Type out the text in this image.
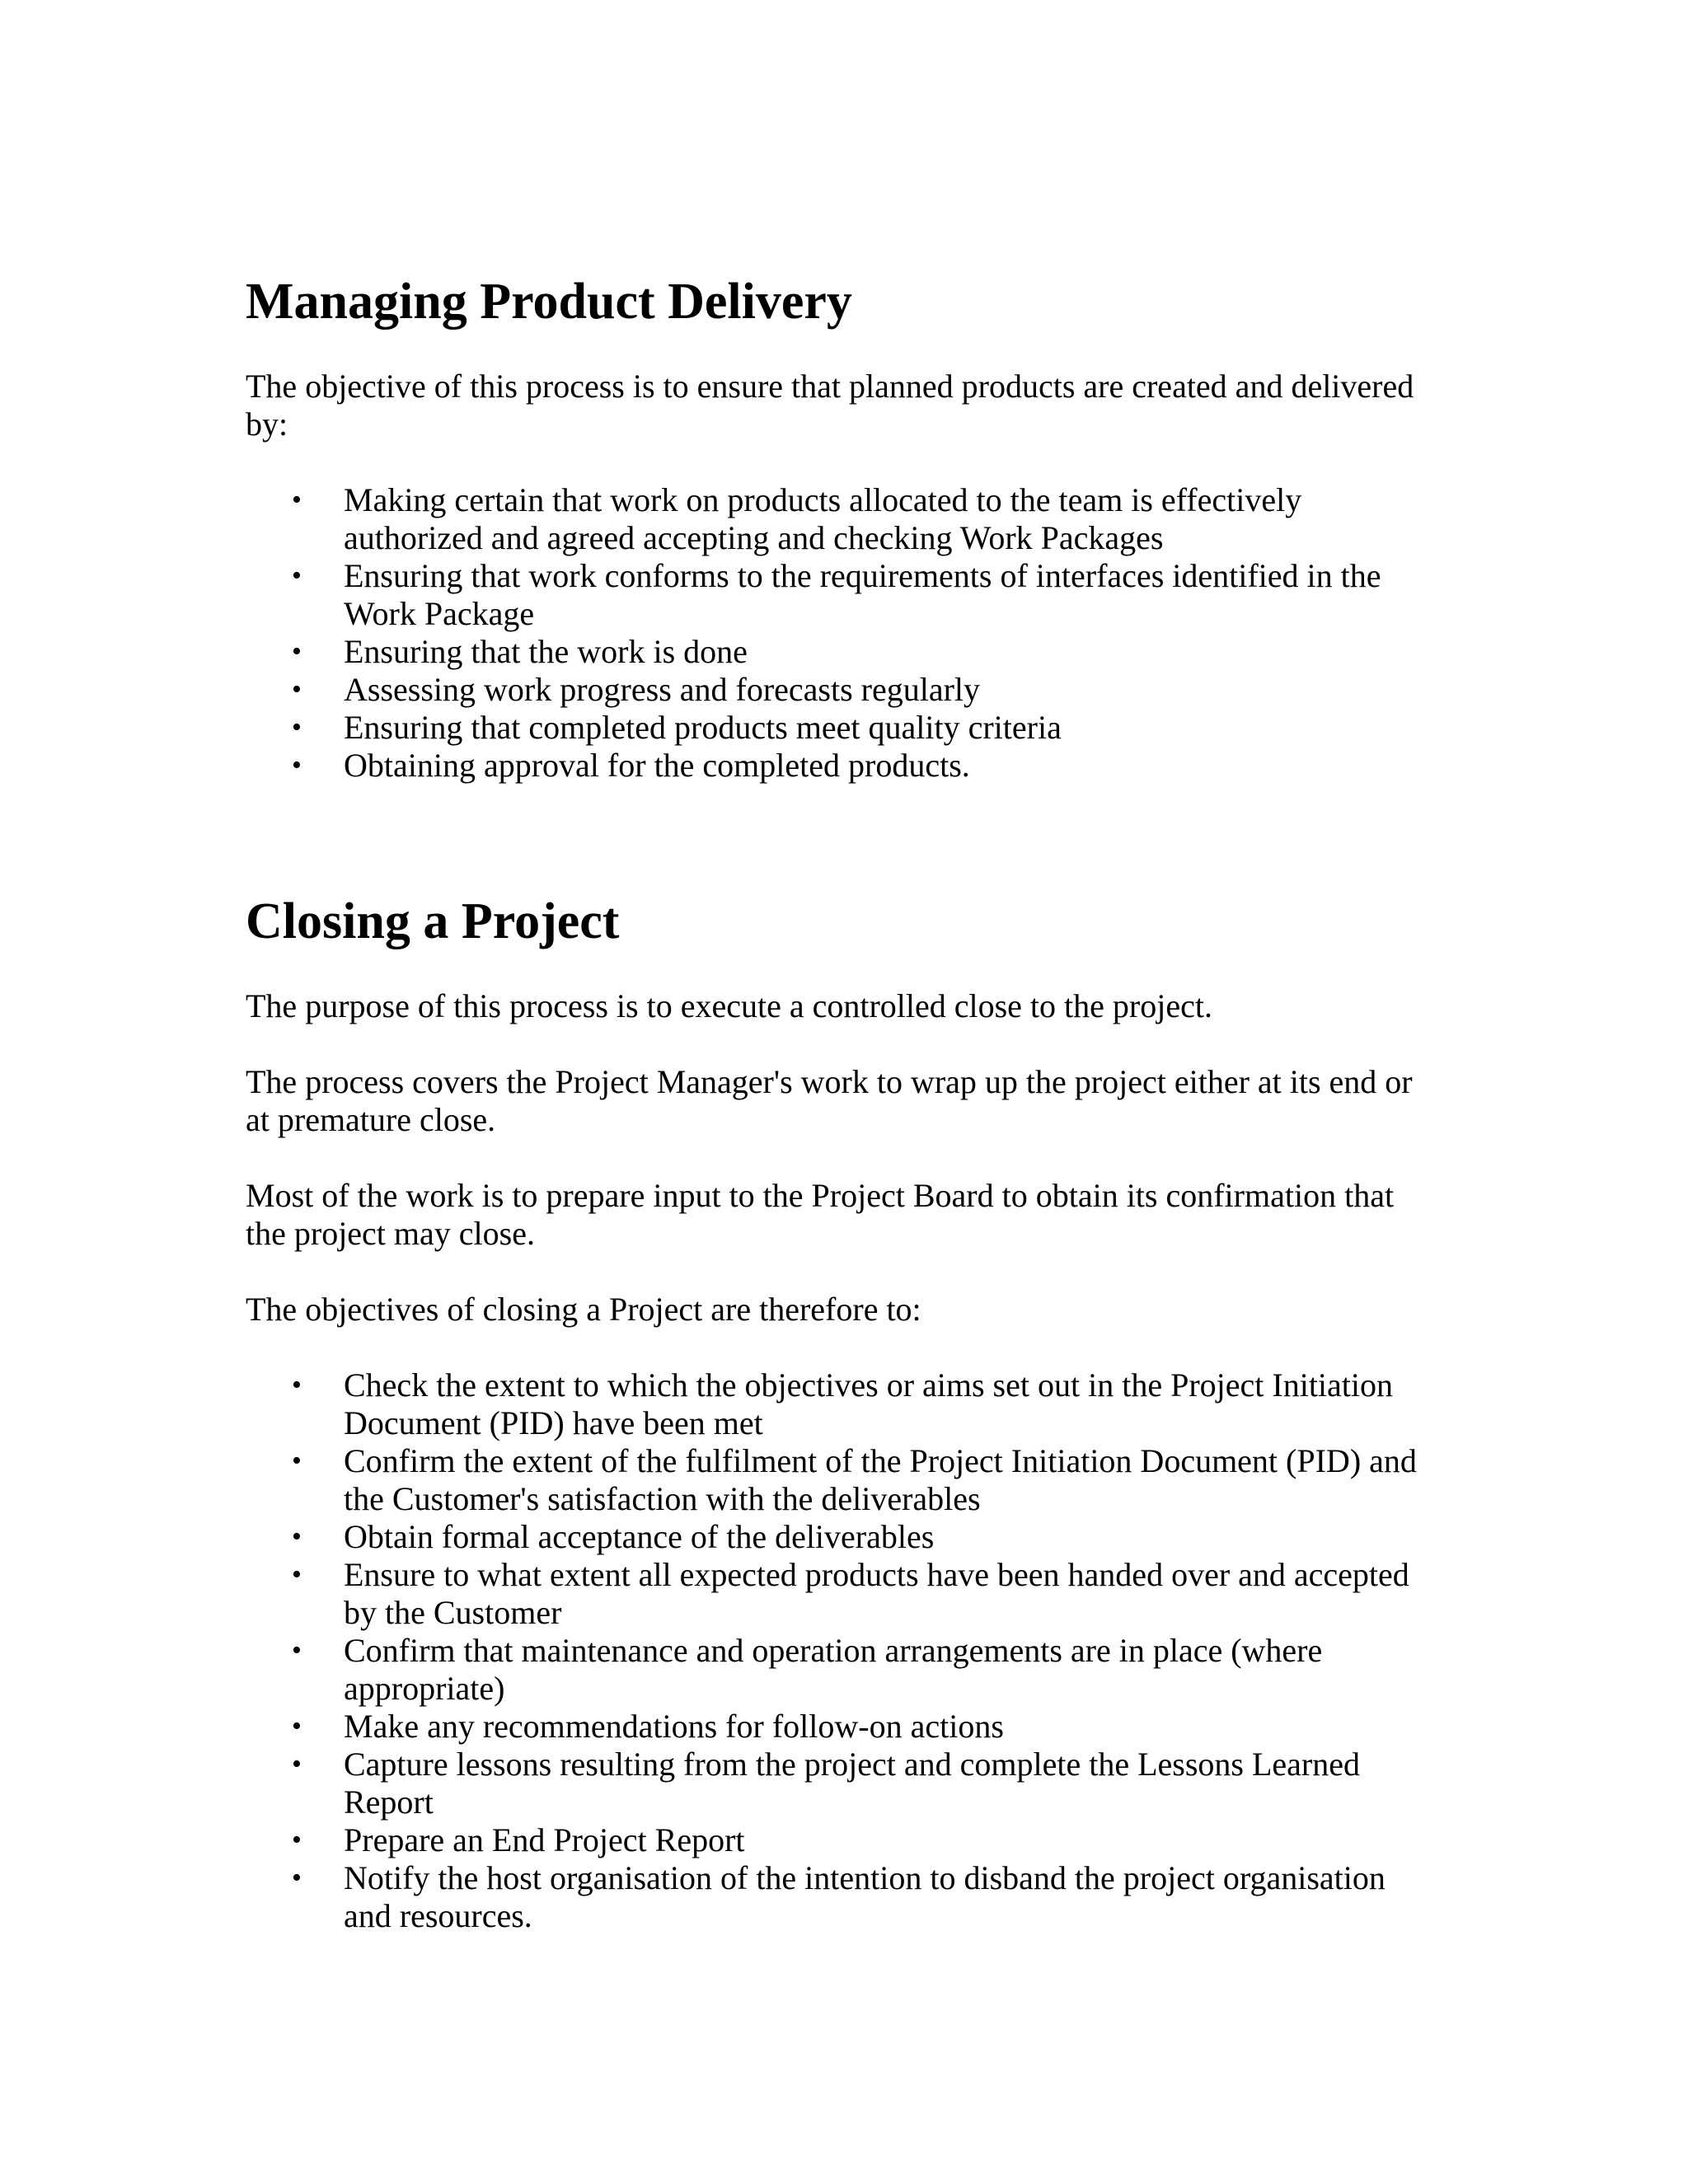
Managing Product Delivery

The objective of this process is to ensure that planned products are created and delivered by:

• Making certain that work on products allocated to the team is effectively authorized and agreed accepting and checking Work Packages
• Ensuring that work conforms to the requirements of interfaces identified in the Work Package
• Ensuring that the work is done
• Assessing work progress and forecasts regularly
• Ensuring that completed products meet quality criteria
• Obtaining approval for the completed products.
Closing a Project

The purpose of this process is to execute a controlled close to the project.

The process covers the Project Manager's work to wrap up the project either at its end or at premature close.

Most of the work is to prepare input to the Project Board to obtain its confirmation that the project may close.

The objectives of closing a Project are therefore to:

• Check the extent to which the objectives or aims set out in the Project Initiation Document (PID) have been met
• Confirm the extent of the fulfilment of the Project Initiation Document (PID) and the Customer's satisfaction with the deliverables
• Obtain formal acceptance of the deliverables
• Ensure to what extent all expected products have been handed over and accepted by the Customer
• Confirm that maintenance and operation arrangements are in place (where appropriate)
• Make any recommendations for follow-on actions
• Capture lessons resulting from the project and complete the Lessons Learned Report
• Prepare an End Project Report
• Notify the host organisation of the intention to disband the project organisation and resources.
